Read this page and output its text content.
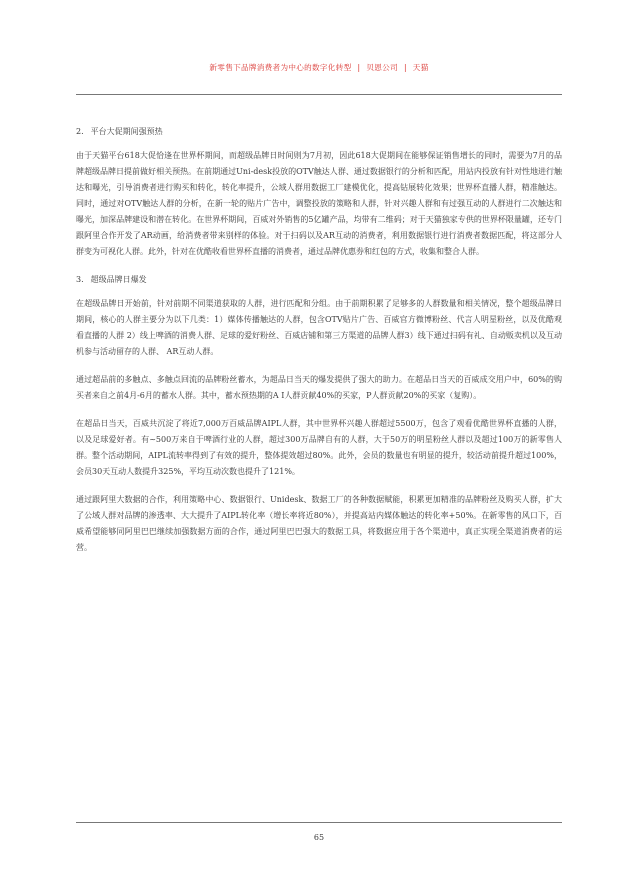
新零售下品牌消费者为中心的数字化转型 | 贝恩公司 | 天猫

2. 平台大促期间强预热

由于天猫平台618大促恰逢在世界杯期间，而超级品牌日时间则为7月初，因此618大促期间在能够保证销售增长的同时，需要为7月的品牌超级品牌日提前做好相关预热。在前期通过Uni-desk投放的OTV触达人群、通过数据银行的分析和匹配，用站内投放有针对性地进行触达和曝光，引导消费者进行购买和转化，转化率提升，公域人群用数据工厂建模优化，提高钻展转化效果；世界杯直播人群，精准触达。同时，通过对OTV触达人群的分析，在新一轮的贴片广告中，调整投放的策略和人群，针对兴趣人群和有过强互动的人群进行二次触达和曝光，加深品牌建设和潜在转化。在世界杯期间，百威对外销售的5亿罐产品，均带有二维码；对于天猫独家专供的世界杯限量罐，还专门跟阿里合作开发了AR动画，给消费者带来别样的体验。对于扫码以及AR互动的消费者，利用数据银行进行消费者数据匹配，将这部分人群变为可视化人群。此外，针对在优酷收看世界杯直播的消费者，通过品牌优惠券和红包的方式，收集和整合人群。

3. 超级品牌日爆发

在超级品牌日开始前，针对前期不同渠道获取的人群，进行匹配和分组。由于前期积累了足够多的人群数量和相关情况，整个超级品牌日期间，核心的人群主要分为以下几类：1）媒体传播触达的人群，包含OTV贴片广告、百威官方微博粉丝、代言人明星粉丝，以及优酷观看直播的人群 2）线上啤酒的消费人群、足球的爱好粉丝、百威店铺和第三方渠道的品牌人群3）线下通过扫码有礼、自动贩卖机以及互动机参与活动留存的人群、 AR互动人群。

通过超品前的多触点、多触点回流的品牌粉丝蓄水，为超品日当天的爆发提供了强大的助力。在超品日当天的百威成交用户中，60%的购买者来自之前4月-6月的蓄水人群。其中，蓄水预热期的A I人群贡献40%的买家，P人群贡献20%的买家（复购）。

在超品日当天，百威共沉淀了将近7,000万百威品牌AIPL人群，其中世界杯兴趣人群超过5500万，包含了观看优酷世界杯直播的人群，以及足球爱好者。有~500万来自于啤酒行业的人群，超过300万品牌自有的人群，大于50万的明星粉丝人群以及超过100万的新零售人群。整个活动期间，AIPL流转率得到了有效的提升，整体提效超过80%。此外，会员的数量也有明显的提升，较活动前提升超过100%，会员30天互动人数提升325%，平均互动次数也提升了121%。

通过跟阿里大数据的合作，利用策略中心、数据银行、Unidesk、数据工厂的各种数据赋能，积累更加精准的品牌粉丝及购买人群，扩大了公域人群对品牌的渗透率、大大提升了AIPL转化率（增长率将近80%），并提高站内媒体触达的转化率+50%。在新零售的风口下，百威希望能够同阿里巴巴继续加强数据方面的合作，通过阿里巴巴强大的数据工具，将数据应用于各个渠道中，真正实现全渠道消费者的运营。

65
